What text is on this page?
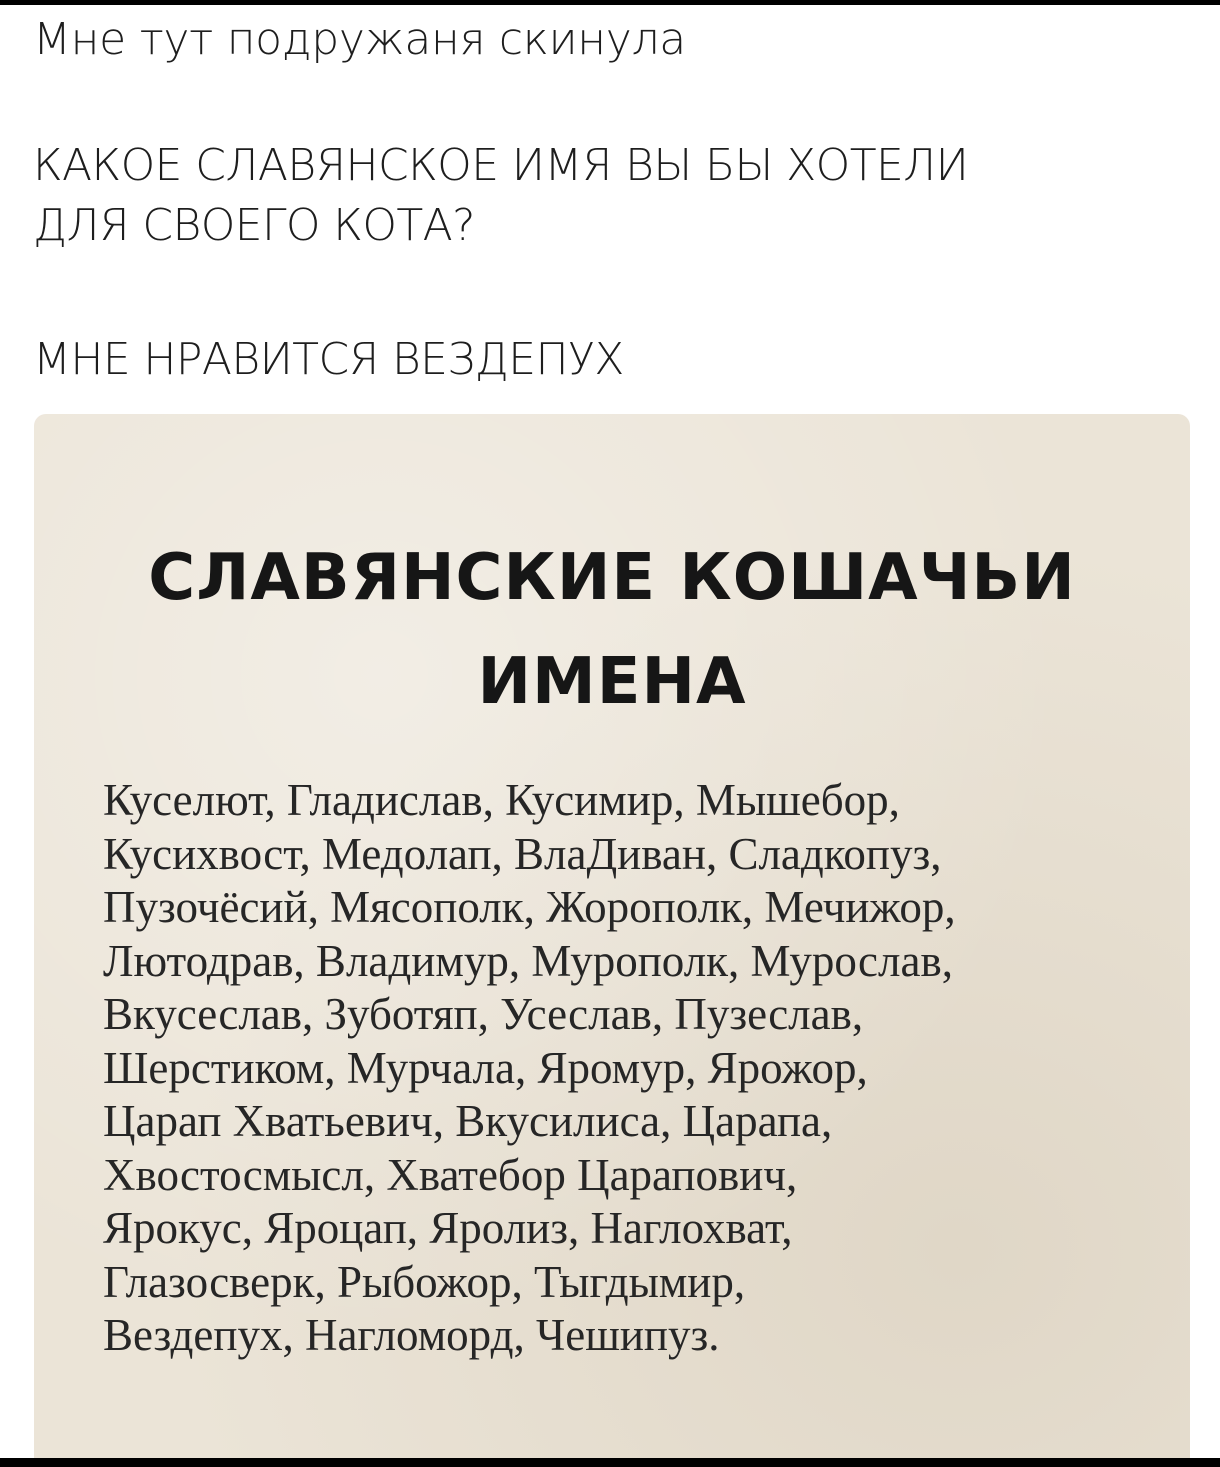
Мне тут подружаня скинула

КАКОЕ СЛАВЯНСКОЕ ИМЯ ВЫ БЫ ХОТЕЛИ

ДЛЯ СВОЕГО КОТА?

МНЕ НРАВИТСЯ ВЕЗДЕПУХ

СЛАВЯНСКИЕ КОШАЧЬИ
ИМЕНА
Куселют, Гладислав, Кусимир, Мышебор,
Кусихвост, Медолап, ВлаДиван, Сладкопуз,
Пузочёсий, Мясополк, Жорополк, Мечижор,
Лютодрав, Владимур, Мурополк, Мурослав,
Вкусеслав, Зуботяп, Усеслав, Пузеслав,
Шерстиком, Мурчала, Яромур, Ярожор,
Царап Хватьевич, Вкусилиса, Царапа,
Хвостосмысл, Хватебор Царапович,
Ярокус, Яроцап, Яролиз, Наглохват,
Глазосверк, Рыбожор, Тыгдымир,
Вездепух, Нагломорд, Чешипуз.
